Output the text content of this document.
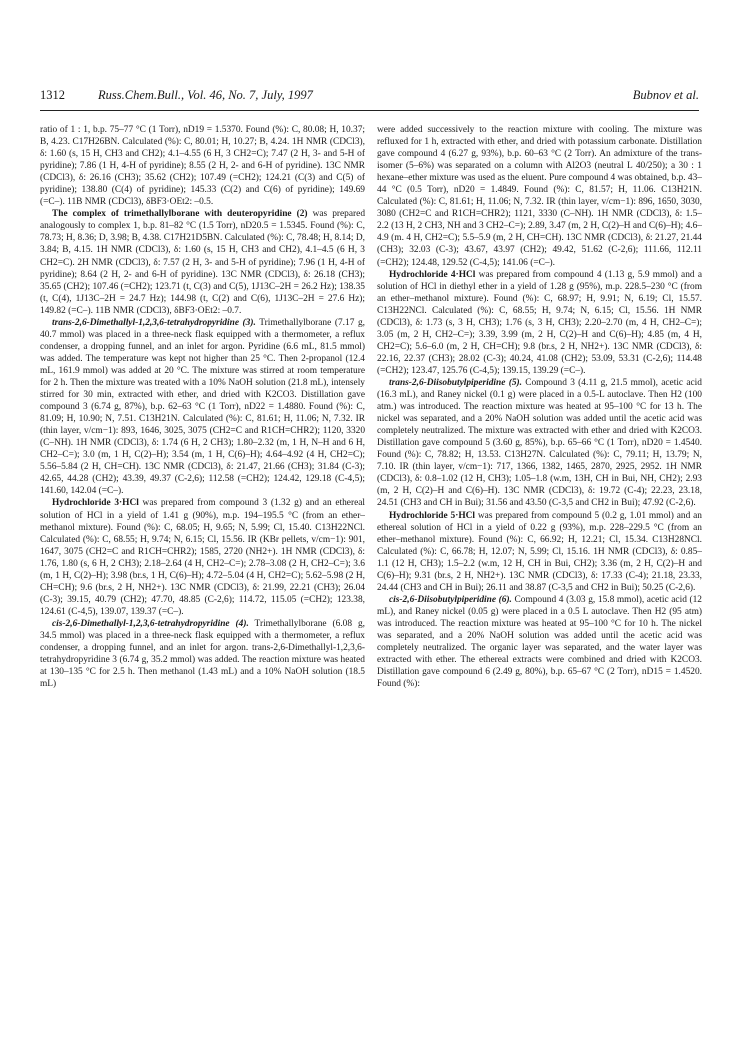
1312	Russ.Chem.Bull., Vol. 46, No. 7, July, 1997	Bubnov et al.

ratio of 1 : 1, b.p. 75–77 °C (1 Torr), nD19 = 1.5370. Found (%): C, 80.08; H, 10.37; B, 4.23. C17H26BN. Calculated (%): C, 80.01; H, 10.27; B, 4.24. 1H NMR (CDCl3), δ: 1.60 (s, 15 H, CH3 and CH2); 4.1–4.55 (6 H, 3 CH2=C); 7.47 (2 H, 3- and 5-H of pyridine); 7.86 (1 H, 4-H of pyridine); 8.55 (2 H, 2- and 6-H of pyridine). 13C NMR (CDCl3), δ: 26.16 (CH3); 35.62 (CH2); 107.49 (=CH2); 124.21 (C(3) and C(5) of pyridine); 138.80 (C(4) of pyridine); 145.33 (C(2) and C(6) of pyridine); 149.69 (=C–). 11B NMR (CDCl3), δBF3·OEt2: –0.5.

The complex of trimethallylborane with deuteropyridine (2) was prepared analogously to complex 1, b.p. 81–82 °C (1.5 Torr), nD20.5 = 1.5345. Found (%): C, 78.73; H, 8.36; D, 3.98; B, 4.38. C17H21D5BN. Calculated (%): C, 78.48; H, 8.14; D, 3.84; B, 4.15. 1H NMR (CDCl3), δ: 1.60 (s, 15 H, CH3 and CH2), 4.1–4.5 (6 H, 3 CH2=C). 2H NMR (CDCl3), δ: 7.57 (2 H, 3- and 5-H of pyridine); 7.96 (1 H, 4-H of pyridine); 8.64 (2 H, 2- and 6-H of pyridine). 13C NMR (CDCl3), δ: 26.18 (CH3); 35.65 (CH2); 107.46 (=CH2); 123.71 (t, C(3) and C(5), 1J13C–2H = 26.2 Hz); 138.35 (t, C(4), 1J13C–2H = 24.7 Hz); 144.98 (t, C(2) and C(6), 1J13C–2H = 27.6 Hz); 149.82 (=C–). 11B NMR (CDCl3), δBF3·OEt2: –0.7.

trans-2,6-Dimethallyl-1,2,3,6-tetrahydropyridine (3). Trimethallylborane (7.17 g, 40.7 mmol) was placed in a three-neck flask equipped with a thermometer, a reflux condenser, a dropping funnel, and an inlet for argon. Pyridine (6.6 mL, 81.5 mmol) was added. The temperature was kept not higher than 25 °C. Then 2-propanol (12.4 mL, 161.9 mmol) was added at 20 °C. The mixture was stirred at room temperature for 2 h. Then the mixture was treated with a 10% NaOH solution (21.8 mL), intensely stirred for 30 min, extracted with ether, and dried with K2CO3. Distillation gave compound 3 (6.74 g, 87%), b.p. 62–63 °C (1 Torr), nD22 = 1.4880. Found (%): C, 81.09; H, 10.90; N, 7.51. C13H21N. Calculated (%): C, 81.61; H, 11.06; N, 7.32. IR (thin layer, v/cm−1): 893, 1646, 3025, 3075 (CH2=C and R1CH=CHR2); 1120, 3320 (C–NH). 1H NMR (CDCl3), δ: 1.74 (6 H, 2 CH3); 1.80–2.32 (m, 1 H, N–H and 6 H, CH2–C=); 3.0 (m, 1 H, C(2)–H); 3.54 (m, 1 H, C(6)–H); 4.64–4.92 (4 H, CH2=C); 5.56–5.84 (2 H, CH=CH). 13C NMR (CDCl3), δ: 21.47, 21.66 (CH3); 31.84 (C-3); 42.65, 44.28 (CH2); 43.39, 49.37 (C-2,6); 112.58 (=CH2); 124.42, 129.18 (C-4,5); 141.60, 142.04 (=C–).

Hydrochloride 3·HCl was prepared from compound 3 (1.32 g) and an ethereal solution of HCl in a yield of 1.41 g (90%), m.p. 194–195.5 °C (from an ether–methanol mixture). Found (%): C, 68.05; H, 9.65; N, 5.99; Cl, 15.40. C13H22NCl. Calculated (%): C, 68.55; H, 9.74; N, 6.15; Cl, 15.56. IR (KBr pellets, v/cm−1): 901, 1647, 3075 (CH2=C and R1CH=CHR2); 1585, 2720 (NH2+). 1H NMR (CDCl3), δ: 1.76, 1.80 (s, 6 H, 2 CH3); 2.18–2.64 (4 H, CH2–C=); 2.78–3.08 (2 H, CH2–C=); 3.6 (m, 1 H, C(2)–H); 3.98 (br.s, 1 H, C(6)–H); 4.72–5.04 (4 H, CH2=C); 5.62–5.98 (2 H, CH=CH); 9.6 (br.s, 2 H, NH2+). 13C NMR (CDCl3), δ: 21.99, 22.21 (CH3); 26.04 (C-3); 39.15, 40.79 (CH2); 47.70, 48.85 (C-2,6); 114.72, 115.05 (=CH2); 123.38, 124.61 (C-4,5), 139.07, 139.37 (=C–).

cis-2,6-Dimethallyl-1,2,3,6-tetrahydropyridine (4). Trimethallylborane (6.08 g, 34.5 mmol) was placed in a three-neck flask equipped with a thermometer, a reflux condenser, a dropping funnel, and an inlet for argon. trans-2,6-Dimethallyl-1,2,3,6-tetrahydropyridine 3 (6.74 g, 35.2 mmol) was added. The reaction mixture was heated at 130–135 °C for 2.5 h. Then methanol (1.43 mL) and a 10% NaOH solution (18.5 mL)

were added successively to the reaction mixture with cooling. The mixture was refluxed for 1 h, extracted with ether, and dried with potassium carbonate. Distillation gave compound 4 (6.27 g, 93%), b.p. 60–63 °C (2 Torr). An admixture of the trans-isomer (5–6%) was separated on a column with Al2O3 (neutral L 40/250); a 30 : 1 hexane–ether mixture was used as the eluent. Pure compound 4 was obtained, b.p. 43–44 °C (0.5 Torr), nD20 = 1.4849. Found (%): C, 81.57; H, 11.06. C13H21N. Calculated (%): C, 81.61; H, 11.06; N, 7.32. IR (thin layer, v/cm−1): 896, 1650, 3030, 3080 (CH2=C and R1CH=CHR2); 1121, 3330 (C–NH). 1H NMR (CDCl3), δ: 1.5–2.2 (13 H, 2 CH3, NH and 3 CH2–C=); 2.89, 3.47 (m, 2 H, C(2)–H and C(6)–H); 4.6–4.9 (m. 4 H, CH2=C); 5.5–5.9 (m, 2 H, CH=CH). 13C NMR (CDCl3), δ: 21.27, 21.44 (CH3); 32.03 (C-3); 43.67, 43.97 (CH2); 49.42, 51.62 (C-2,6); 111.66, 112.11 (=CH2); 124.48, 129.52 (C-4,5); 141.06 (=C–).

Hydrochloride 4·HCl was prepared from compound 4 (1.13 g, 5.9 mmol) and a solution of HCl in diethyl ether in a yield of 1.28 g (95%), m.p. 228.5–230 °C (from an ether–methanol mixture). Found (%): C, 68.97; H, 9.91; N, 6.19; Cl, 15.57. C13H22NCl. Calculated (%): C, 68.55; H, 9.74; N, 6.15; Cl, 15.56. 1H NMR (CDCl3), δ: 1.73 (s, 3 H, CH3); 1.76 (s, 3 H, CH3); 2.20–2.70 (m, 4 H, CH2–C=); 3.05 (m, 2 H, CH2–C=); 3.39, 3.99 (m, 2 H, C(2)–H and C(6)–H); 4.85 (m, 4 H, CH2=C); 5.6–6.0 (m, 2 H, CH=CH); 9.8 (br.s, 2 H, NH2+). 13C NMR (CDCl3), δ: 22.16, 22.37 (CH3); 28.02 (C-3); 40.24, 41.08 (CH2); 53.09, 53.31 (C-2,6); 114.48 (=CH2); 123.47, 125.76 (C-4,5); 139.15, 139.29 (=C–).

trans-2,6-Diisobutylpiperidine (5). Compound 3 (4.11 g, 21.5 mmol), acetic acid (16.3 mL), and Raney nickel (0.1 g) were placed in a 0.5-L autoclave. Then H2 (100 atm.) was introduced. The reaction mixture was heated at 95–100 °C for 13 h. The nickel was separated, and a 20% NaOH solution was added until the acetic acid was completely neutralized. The mixture was extracted with ether and dried with K2CO3. Distillation gave compound 5 (3.60 g, 85%), b.p. 65–66 °C (1 Torr), nD20 = 1.4540. Found (%): C, 78.82; H, 13.53. C13H27N. Calculated (%): C, 79.11; H, 13.79; N, 7.10. IR (thin layer, v/cm−1): 717, 1366, 1382, 1465, 2870, 2925, 2952. 1H NMR (CDCl3), δ: 0.8–1.02 (12 H, CH3); 1.05–1.8 (w.m, 13H, CH in Bui, NH, CH2); 2.93 (m, 2 H, C(2)–H and C(6)–H). 13C NMR (CDCl3), δ: 19.72 (C-4); 22.23, 23.18, 24.51 (CH3 and CH in Bui); 31.56 and 43.50 (C-3,5 and CH2 in Bui); 47.92 (C-2,6).

Hydrochloride 5·HCl was prepared from compound 5 (0.2 g, 1.01 mmol) and an ethereal solution of HCl in a yield of 0.22 g (93%), m.p. 228–229.5 °C (from an ether–methanol mixture). Found (%): C, 66.92; H, 12.21; Cl, 15.34. C13H28NCl. Calculated (%): C, 66.78; H, 12.07; N, 5.99; Cl, 15.16. 1H NMR (CDCl3), δ: 0.85–1.1 (12 H, CH3); 1.5–2.2 (w.m, 12 H, CH in Bui, CH2); 3.36 (m, 2 H, C(2)–H and C(6)–H); 9.31 (br.s, 2 H, NH2+). 13C NMR (CDCl3), δ: 17.33 (C-4); 21.18, 23.33, 24.44 (CH3 and CH in Bui); 26.11 and 38.87 (C-3,5 and CH2 in Bui); 50.25 (C-2,6).

cis-2,6-Diisobutylpiperidine (6). Compound 4 (3.03 g, 15.8 mmol), acetic acid (12 mL), and Raney nickel (0.05 g) were placed in a 0.5 L autoclave. Then H2 (95 atm) was introduced. The reaction mixture was heated at 95–100 °C for 10 h. The nickel was separated, and a 20% NaOH solution was added until the acetic acid was completely neutralized. The organic layer was separated, and the water layer was extracted with ether. The ethereal extracts were combined and dried with K2CO3. Distillation gave compound 6 (2.49 g, 80%), b.p. 65–67 °C (2 Torr), nD15 = 1.4520. Found (%):
